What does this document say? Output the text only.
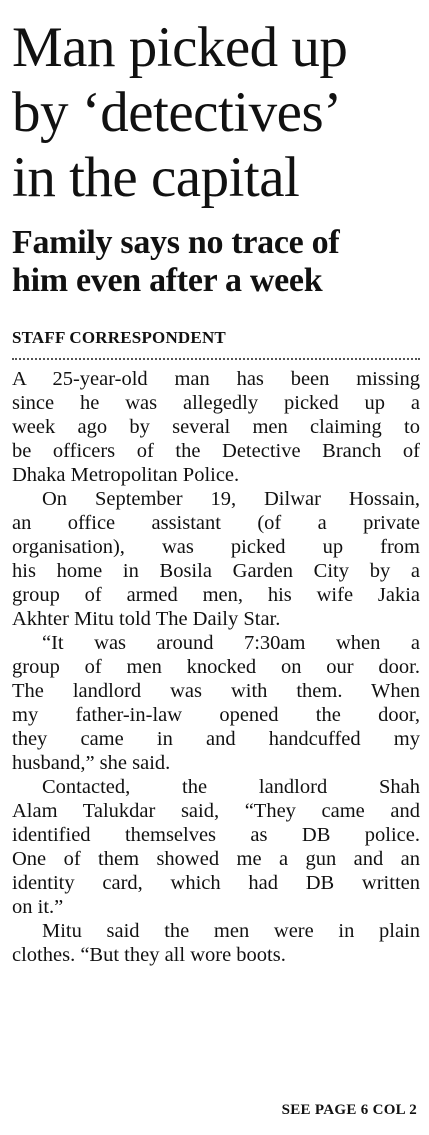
Man picked up
by ‘detectives’
in the capital
Family says no trace of
him even after a week
STAFF CORRESPONDENT
A 25-year-old man has been missing
since he was allegedly picked up a
week ago by several men claiming to
be officers of the Detective Branch of
Dhaka Metropolitan Police.
On September 19, Dilwar Hossain,
an office assistant (of a private
organisation), was picked up from
his home in Bosila Garden City by a
group of armed men, his wife Jakia
Akhter Mitu told The Daily Star.
“It was around 7:30am when a
group of men knocked on our door.
The landlord was with them. When
my father-in-law opened the door,
they came in and handcuffed my
husband,” she said.
Contacted, the landlord Shah
Alam Talukdar said, “They came and
identified themselves as DB police.
One of them showed me a gun and an
identity card, which had DB written
on it.”
Mitu said the men were in plain
clothes. “But they all wore boots.
SEE PAGE 6 COL 2
